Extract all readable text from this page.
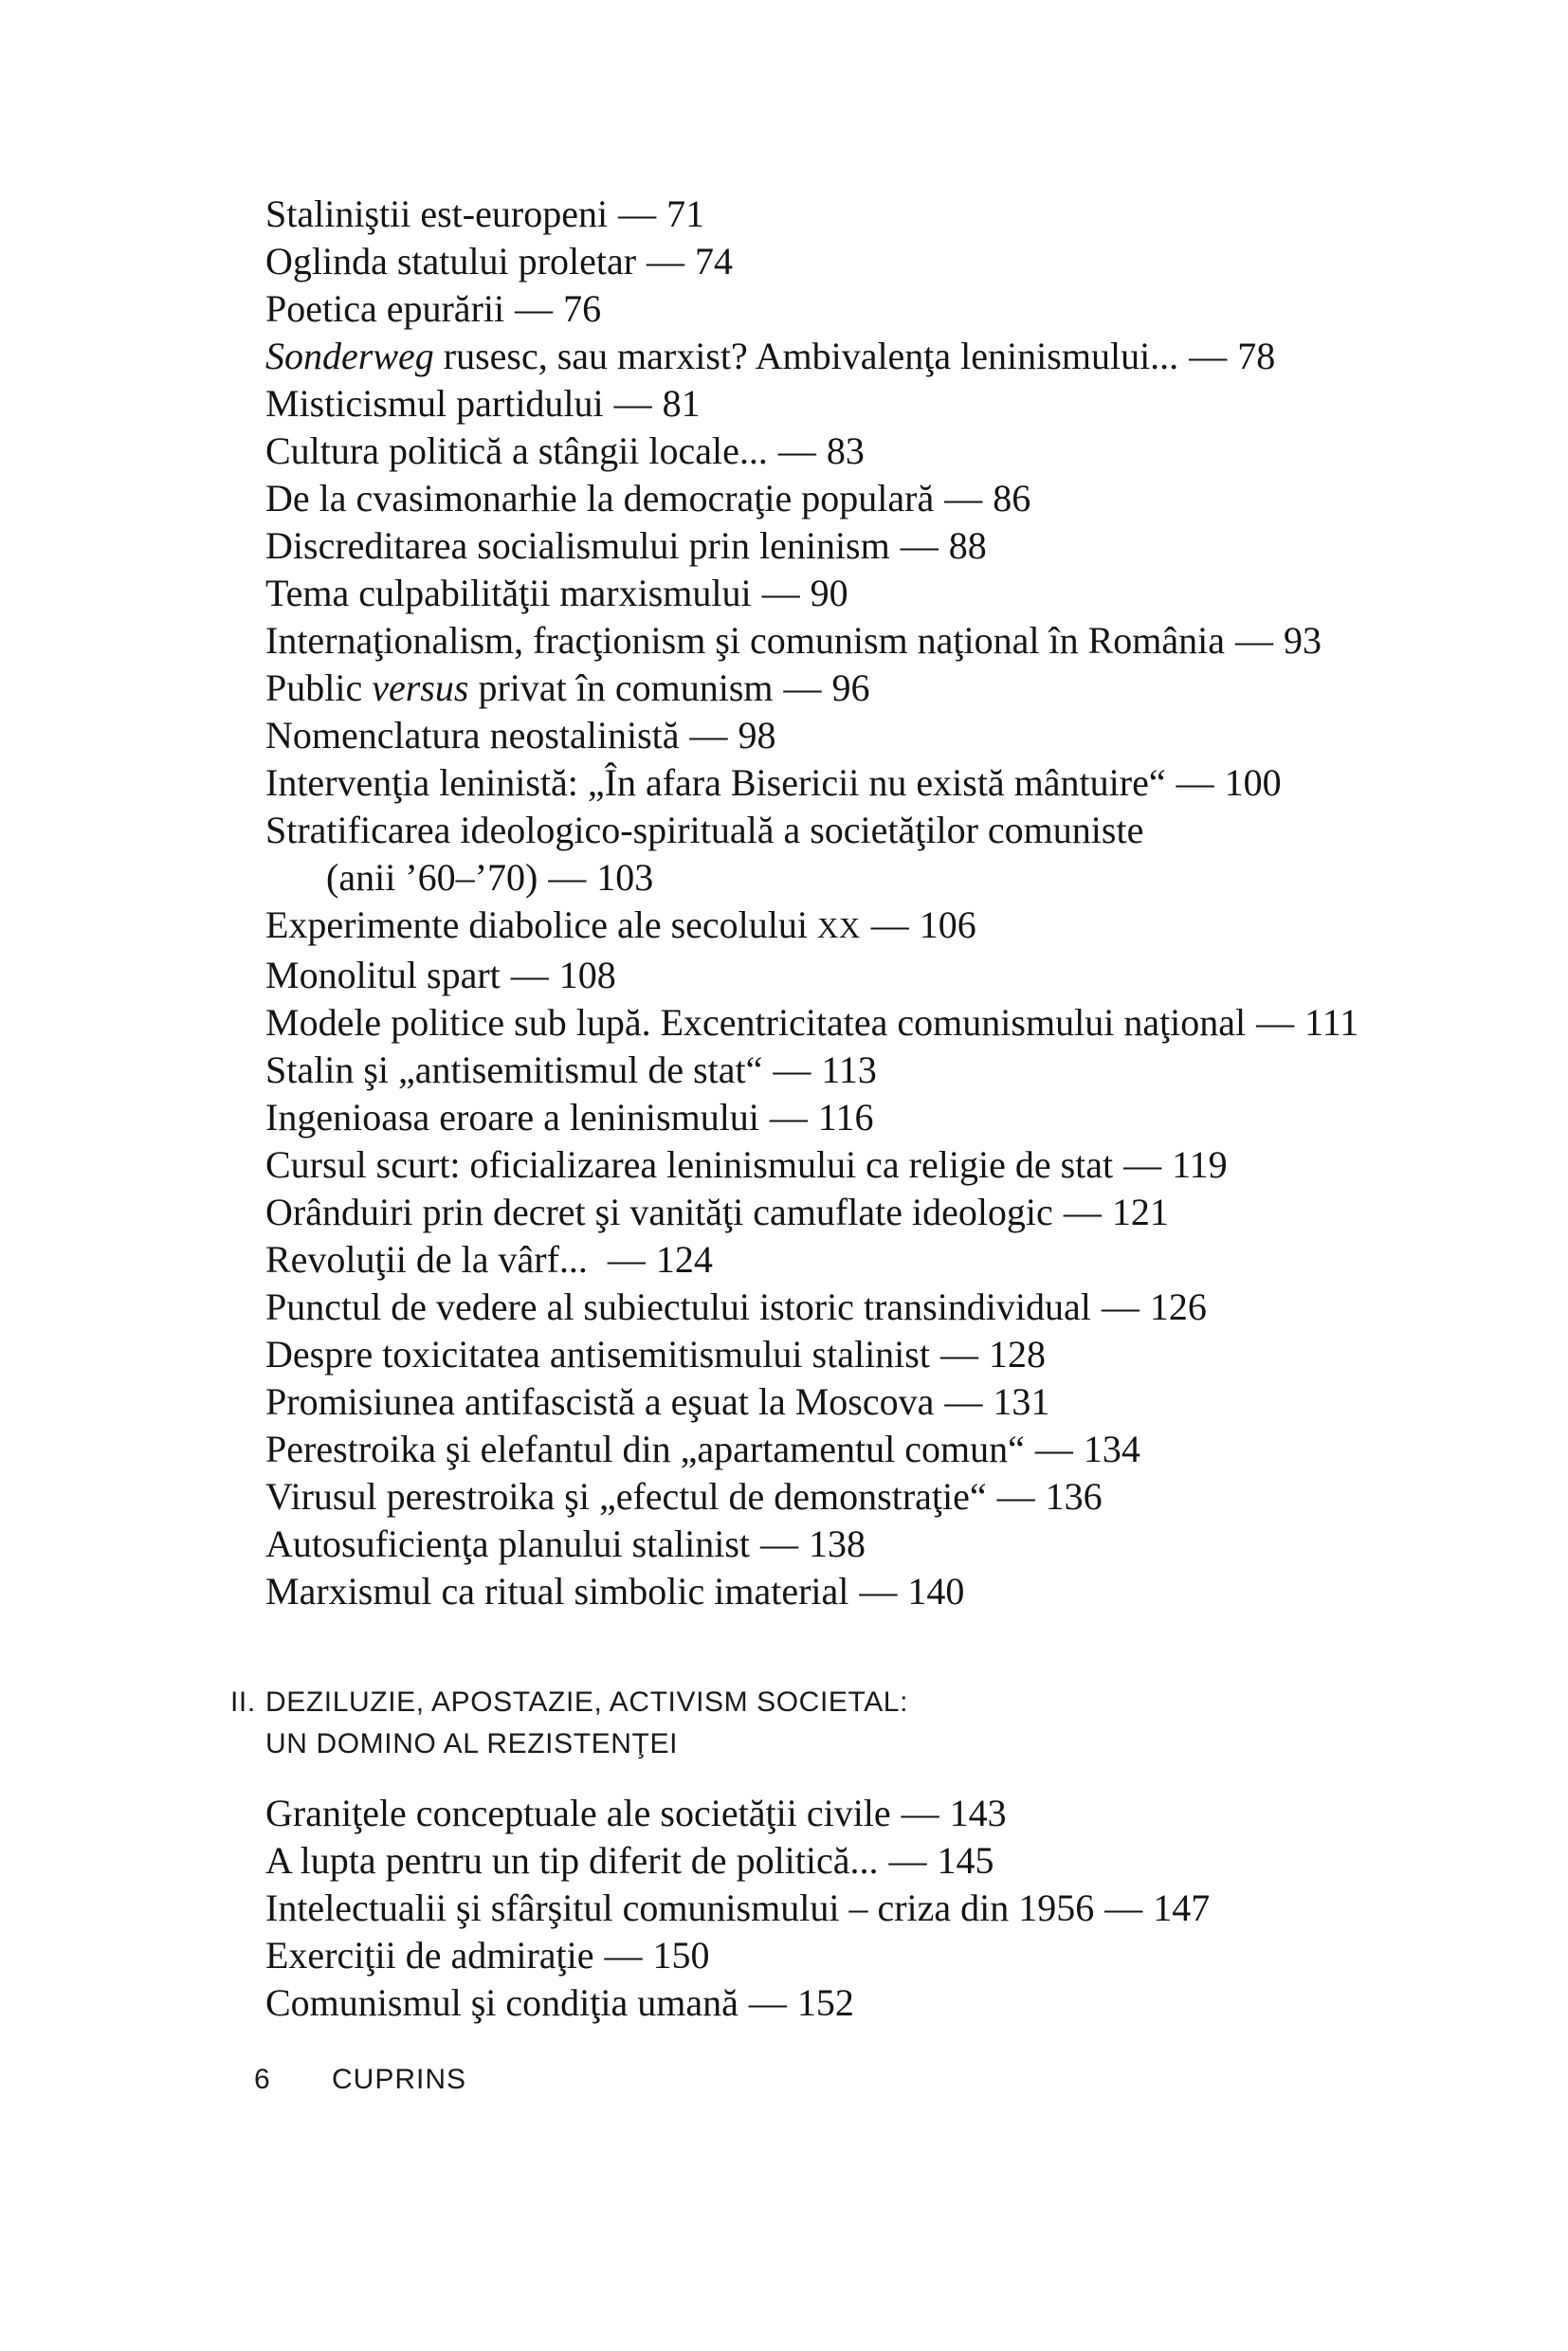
Staliniştii est-europeni — 71
Oglinda statului proletar — 74
Poetica epurării — 76
Sonderweg rusesc, sau marxist? Ambivalenţa leninismului... — 78
Misticismul partidului — 81
Cultura politică a stângii locale... — 83
De la cvasimonarhie la democraţie populară — 86
Discreditarea socialismului prin leninism — 88
Tema culpabilităţii marxismului — 90
Internaţionalism, fracţionism şi comunism naţional în România — 93
Public versus privat în comunism — 96
Nomenclatura neostalinistă — 98
Intervenţia leninistă: „În afara Bisericii nu există mântuire“ — 100
Stratificarea ideologico-spirituală a societăţilor comuniste
(anii ’60–’70) — 103
Experimente diabolice ale secolului XX — 106
Monolitul spart — 108
Modele politice sub lupă. Excentricitatea comunismului naţional — 111
Stalin şi „antisemitismul de stat“ — 113
Ingenioasa eroare a leninismului — 116
Cursul scurt: oficializarea leninismului ca religie de stat — 119
Orânduiri prin decret şi vanităţi camuflate ideologic — 121
Revoluţii de la vârf... — 124
Punctul de vedere al subiectului istoric transindividual — 126
Despre toxicitatea antisemitismului stalinist — 128
Promisiunea antifascistă a eşuat la Moscova — 131
Perestroika şi elefantul din „apartamentul comun“ — 134
Virusul perestroika şi „efectul de demonstraţie“ — 136
Autosuficienţa planului stalinist — 138
Marxismul ca ritual simbolic imaterial — 140
II. DEZILUZIE, APOSTAZIE, ACTIVISM SOCIETAL:
UN DOMINO AL REZISTENŢEI
Graniţele conceptuale ale societăţii civile — 143
A lupta pentru un tip diferit de politică... — 145
Intelectualii şi sfârşitul comunismului – criza din 1956 — 147
Exerciţii de admiraţie — 150
Comunismul şi condiţia umană — 152
6 CUPRINS
